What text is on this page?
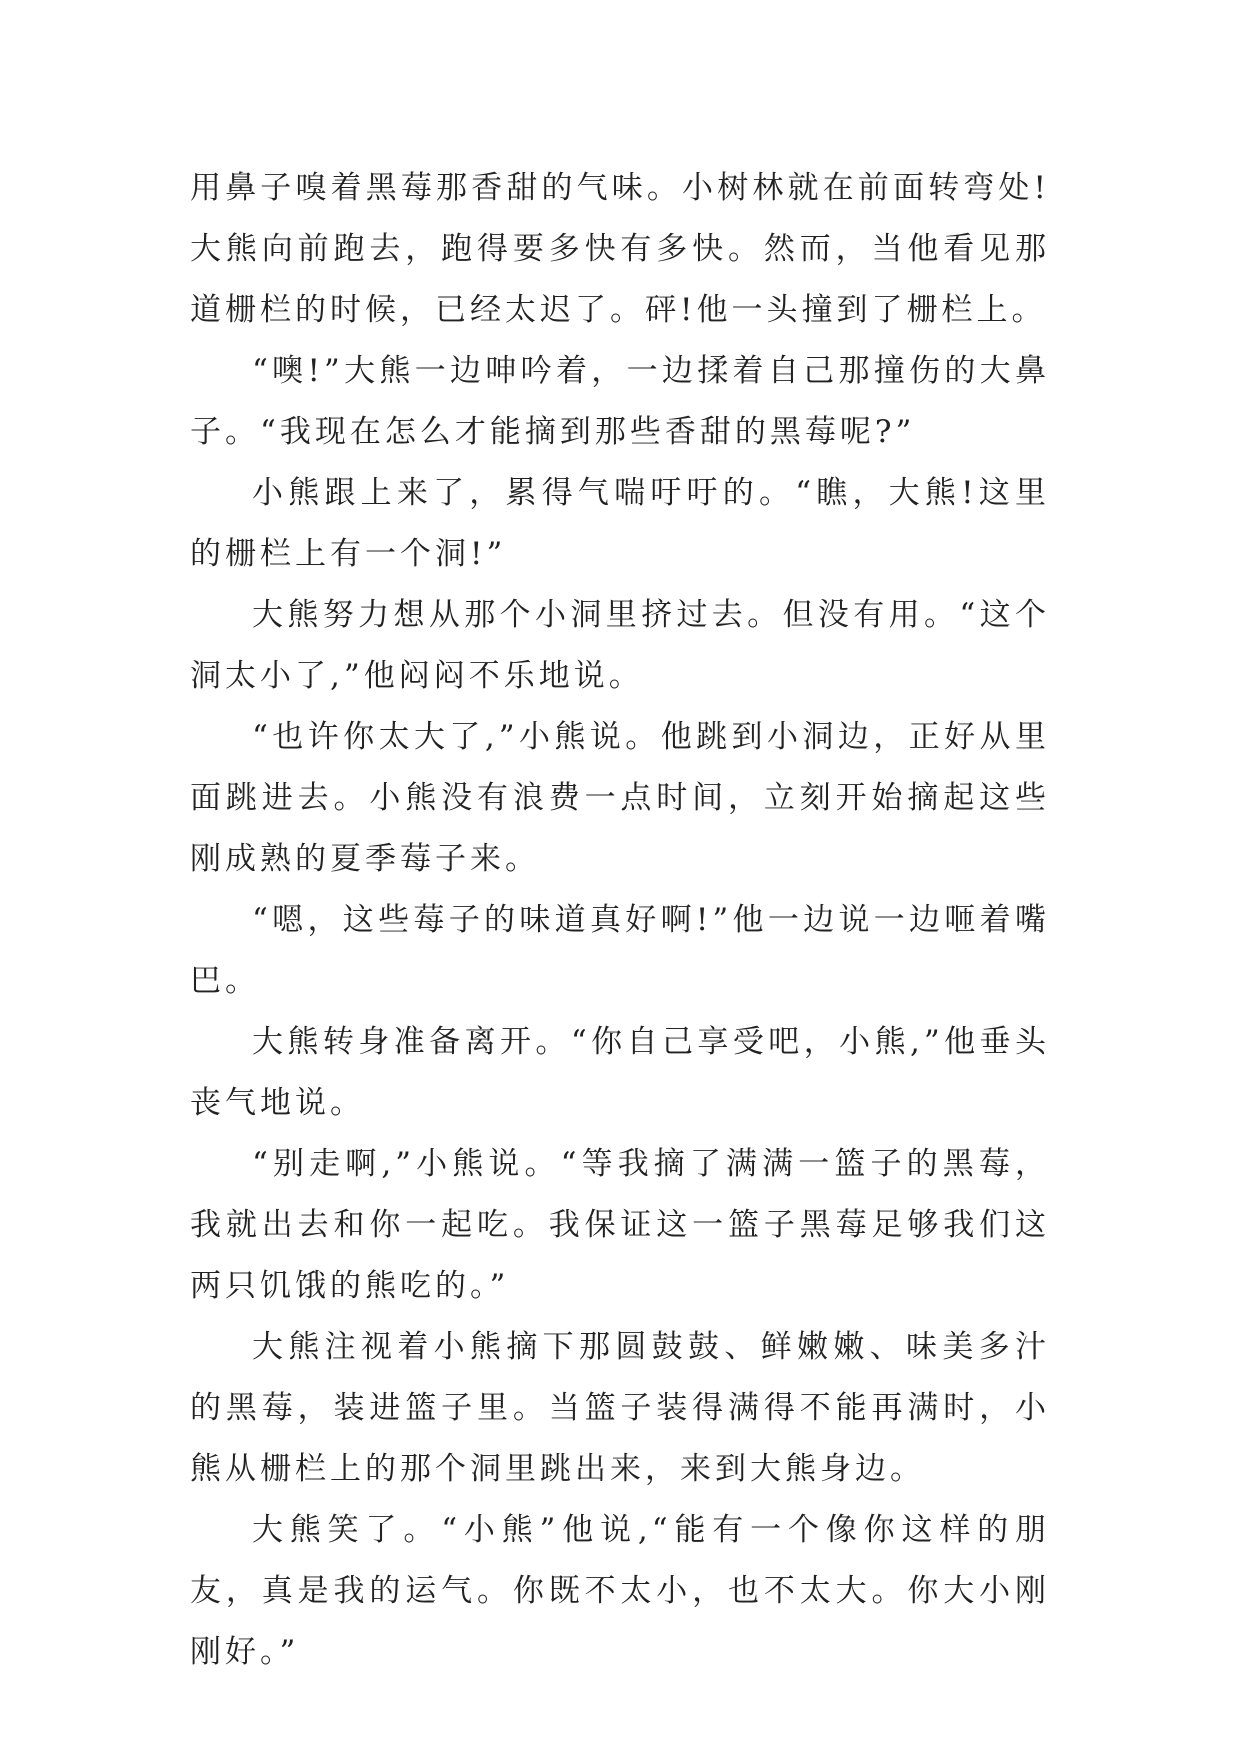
用鼻子嗅着黑莓那香甜的气味。小树林就在前面转弯处!大熊向前跑去，跑得要多快有多快。然而，当他看见那道栅栏的时候，已经太迟了。砰!他一头撞到了栅栏上。

“噢!”大熊一边呻吟着，一边揉着自己那撞伤的大鼻子。“我现在怎么才能摘到那些香甜的黑莓呢?”

小熊跟上来了，累得气喘吁吁的。“瞧，大熊!这里的栅栏上有一个洞!”

大熊努力想从那个小洞里挤过去。但没有用。“这个洞太小了,”他闷闷不乐地说。

“也许你太大了,”小熊说。他跳到小洞边，正好从里面跳进去。小熊没有浪费一点时间，立刻开始摘起这些刚成熟的夏季莓子来。

“嗯，这些莓子的味道真好啊!”他一边说一边咂着嘴巴。

大熊转身准备离开。“你自己享受吧，小熊,”他垂头丧气地说。

“别走啊,”小熊说。“等我摘了满满一篮子的黑莓，我就出去和你一起吃。我保证这一篮子黑莓足够我们这两只饥饿的熊吃的。”

大熊注视着小熊摘下那圆鼓鼓、鲜嫩嫩、味美多汁的黑莓，装进篮子里。当篮子装得满得不能再满时，小熊从栅栏上的那个洞里跳出来，来到大熊身边。

大熊笑了。“小熊”他说,“能有一个像你这样的朋友，真是我的运气。你既不太小，也不太大。你大小刚刚好。”
